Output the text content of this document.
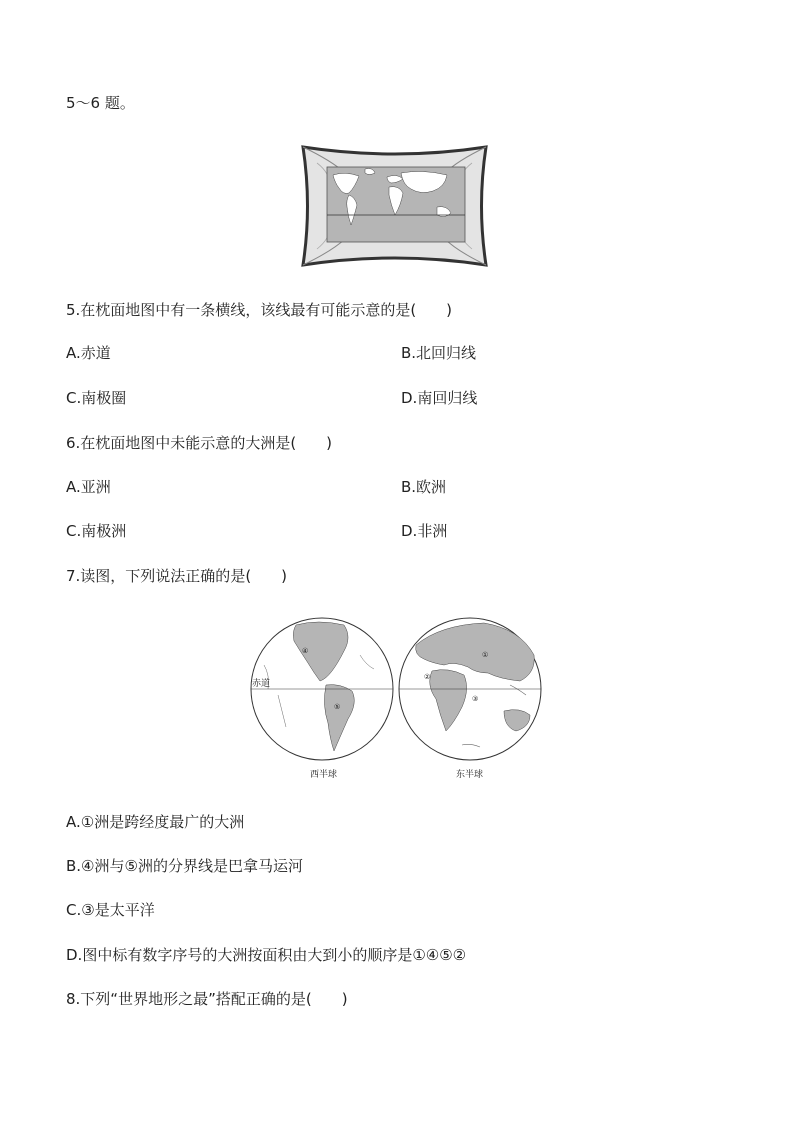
5～6 题。
5.在枕面地图中有一条横线，该线最有可能示意的是(　　)
A.赤道	B.北回归线
C.南极圈	D.南回归线
6.在枕面地图中未能示意的大洲是(　　)
A.亚洲	B.欧洲
C.南极洲	D.非洲
7.读图，下列说法正确的是(　　)
赤道
④
⑤
西半球
①
②
③
东半球
A.①洲是跨经度最广的大洲
B.④洲与⑤洲的分界线是巴拿马运河
C.③是太平洋
D.图中标有数字序号的大洲按面积由大到小的顺序是①④⑤②
8.下列“世界地形之最”搭配正确的是(　　)
